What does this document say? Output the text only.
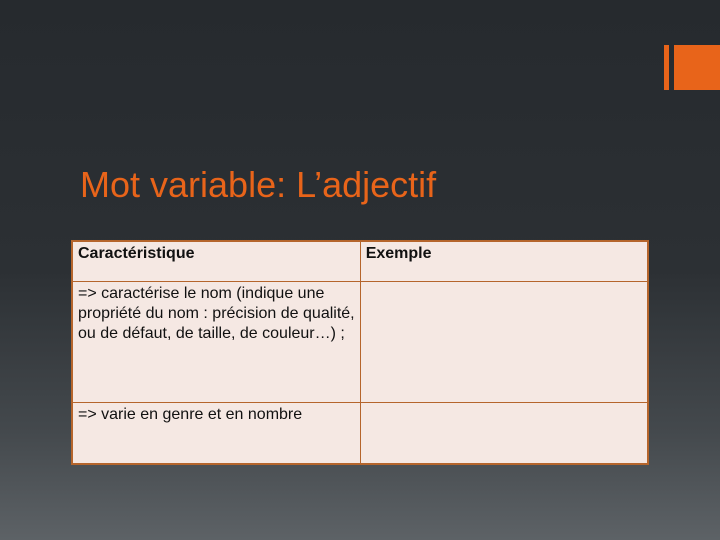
Mot variable: L’adjectif
Caractéristique	Exemple
=> caractérise le nom (indique une propriété du nom : précision de qualité, ou de défaut, de taille, de couleur…) ;	
=> varie en genre et en nombre	
